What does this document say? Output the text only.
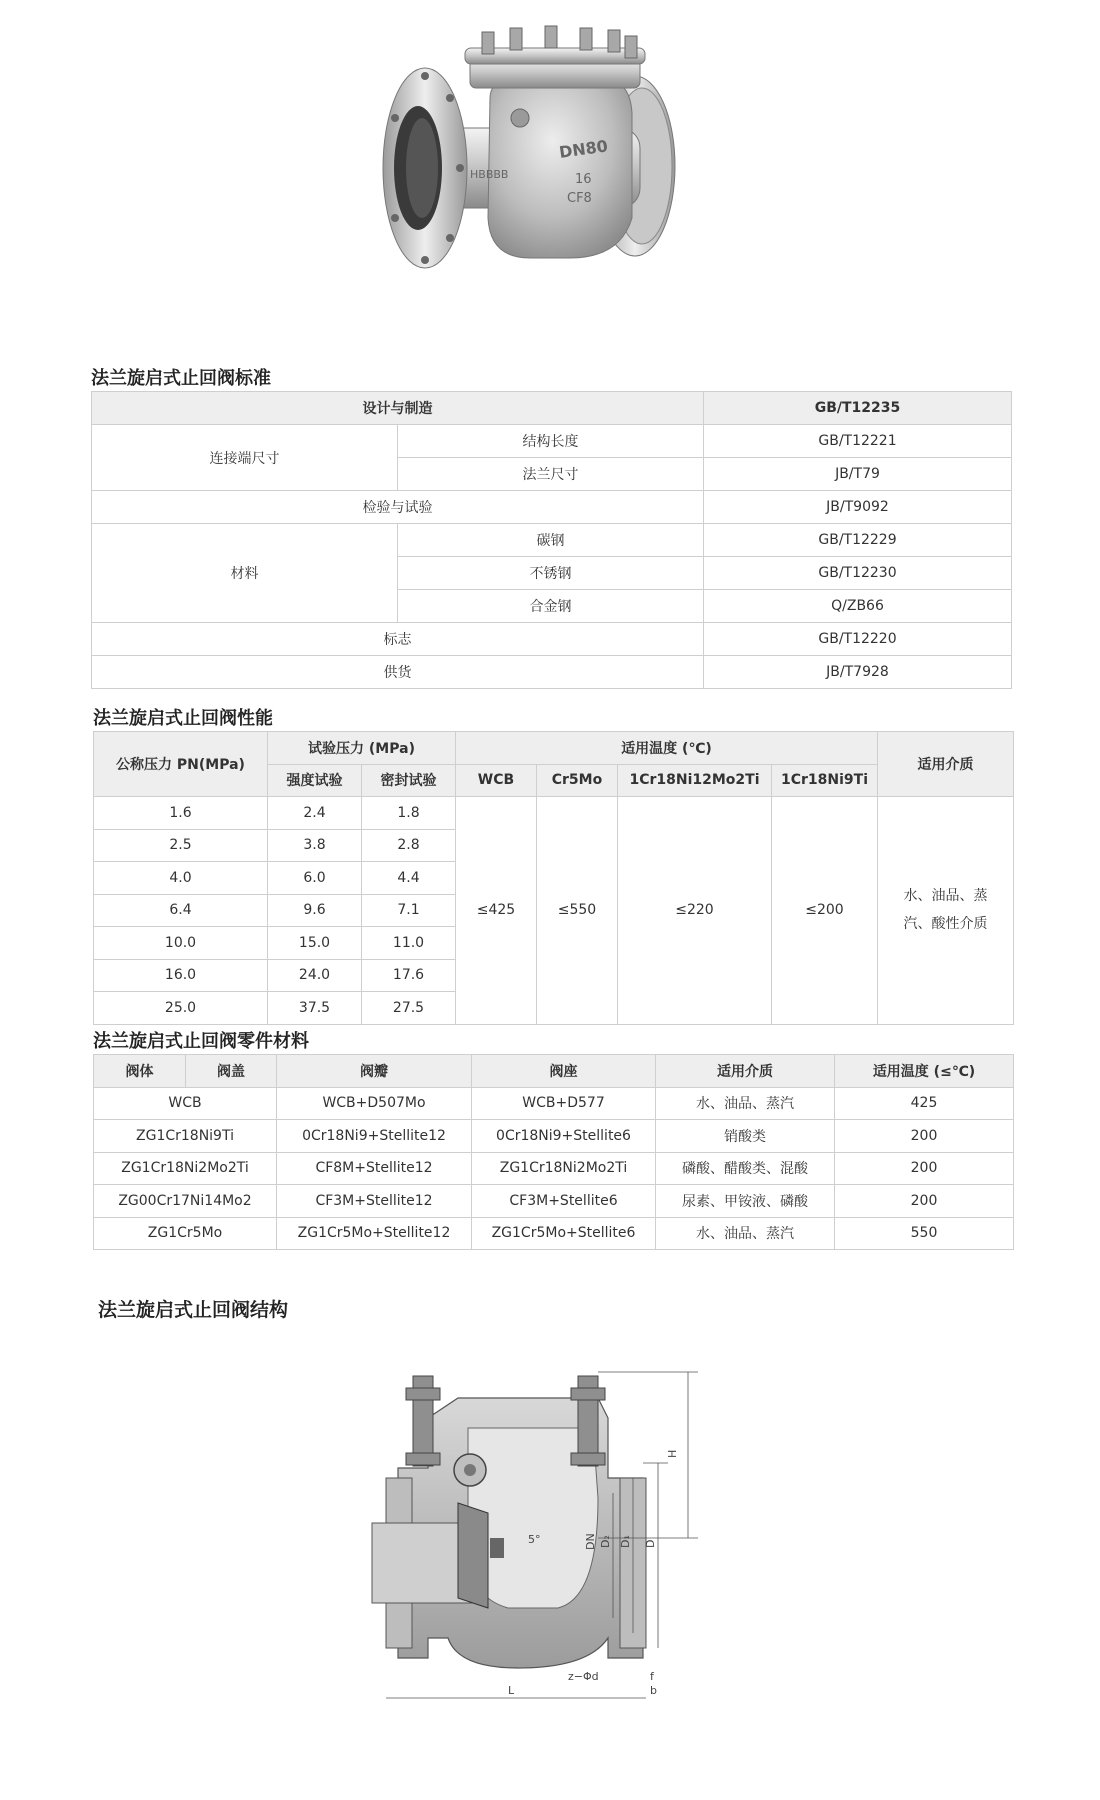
DN80
16
CF8
HBBBB
法兰旋启式止回阀标准
设计与制造		GB/T12235
连接端尺寸	结构长度	GB/T12221
	法兰尺寸	JB/T79
检验与试验		JB/T9092
材料	碳钢	GB/T12229
	不锈钢	GB/T12230
	合金钢	Q/ZB66
标志		GB/T12220
供货		JB/T7928
法兰旋启式止回阀性能
公称压力 PN(MPa)	试验压力 (MPa)		适用温度 (℃)				适用介质
	强度试验	密封试验	WCB	Cr5Mo	1Cr18Ni12Mo2Ti	1Cr18Ni9Ti	
1.6	2.4	1.8	≤425	≤550	≤220	≤200	水、油品、蒸汽、酸性介质
2.5	3.8	2.8					
4.0	6.0	4.4					
6.4	9.6	7.1					
10.0	15.0	11.0					
16.0	24.0	17.6					
25.0	37.5	27.5					
法兰旋启式止回阀零件材料
阀体	阀盖	阀瓣	阀座	适用介质	适用温度 (≤℃)
WCB		WCB+D507Mo	WCB+D577	水、油品、蒸汽	425
ZG1Cr18Ni9Ti		0Cr18Ni9+Stellite12	0Cr18Ni9+Stellite6	销酸类	200
ZG1Cr18Ni2Mo2Ti		CF8M+Stellite12	ZG1Cr18Ni2Mo2Ti	磷酸、醋酸类、混酸	200
ZG00Cr17Ni14Mo2		CF3M+Stellite12	CF3M+Stellite6	尿素、甲铵液、磷酸	200
ZG1Cr5Mo		ZG1Cr5Mo+Stellite12	ZG1Cr5Mo+Stellite6	水、油品、蒸汽	550
法兰旋启式止回阀结构
H
D
D₁
D₂
DN
L
f
b
z−Φd
5°
